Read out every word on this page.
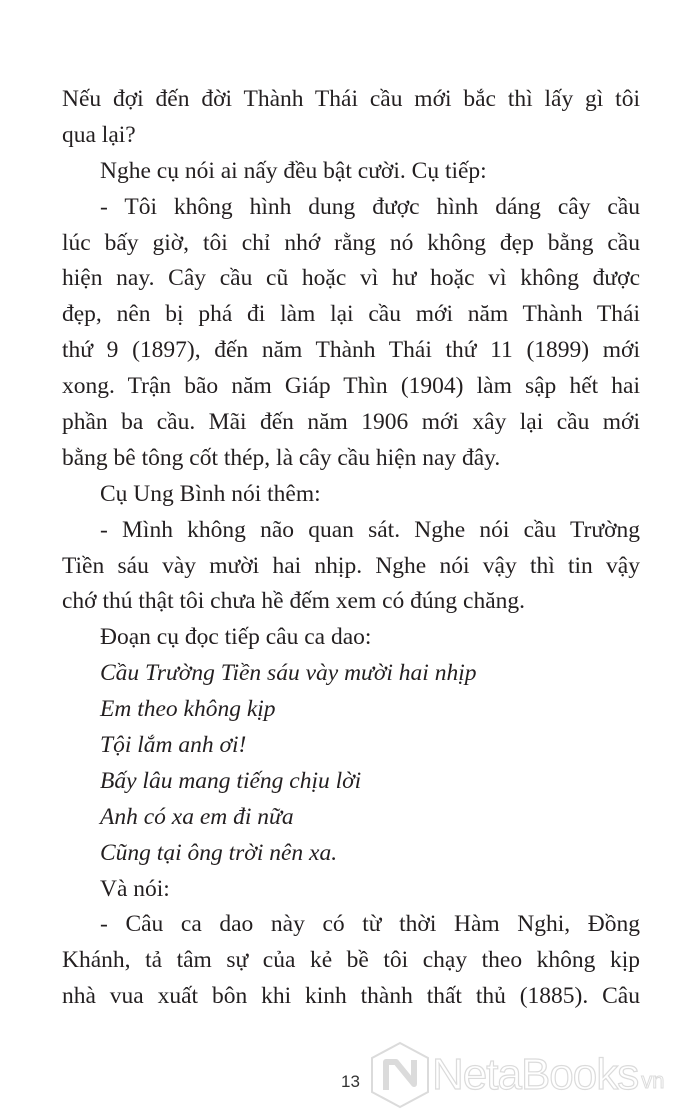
Nếu đợi đến đời Thành Thái cầu mới bắc thì lấy gì tôi
qua lại?
Nghe cụ nói ai nấy đều bật cười. Cụ tiếp:
- Tôi không hình dung được hình dáng cây cầu
lúc bấy giờ, tôi chỉ nhớ rằng nó không đẹp bằng cầu
hiện nay. Cây cầu cũ hoặc vì hư hoặc vì không được
đẹp, nên bị phá đi làm lại cầu mới năm Thành Thái
thứ 9 (1897), đến năm Thành Thái thứ 11 (1899) mới
xong. Trận bão năm Giáp Thìn (1904) làm sập hết hai
phần ba cầu. Mãi đến năm 1906 mới xây lại cầu mới
bằng bê tông cốt thép, là cây cầu hiện nay đây.
Cụ Ung Bình nói thêm:
- Mình không não quan sát. Nghe nói cầu Trường
Tiền sáu vày mười hai nhịp. Nghe nói vậy thì tin vậy
chớ thú thật tôi chưa hề đếm xem có đúng chăng.
Đoạn cụ đọc tiếp câu ca dao:
Cầu Trường Tiền sáu vày mười hai nhịp
Em theo không kịp
Tội lắm anh ơi!
Bấy lâu mang tiếng chịu lời
Anh có xa em đi nữa
Cũng tại ông trời nên xa.
Và nói:
- Câu ca dao này có từ thời Hàm Nghi, Đồng
Khánh, tả tâm sự của kẻ bề tôi chạy theo không kịp
nhà vua xuất bôn khi kinh thành thất thủ (1885). Câu
13 NetaBooks vn
